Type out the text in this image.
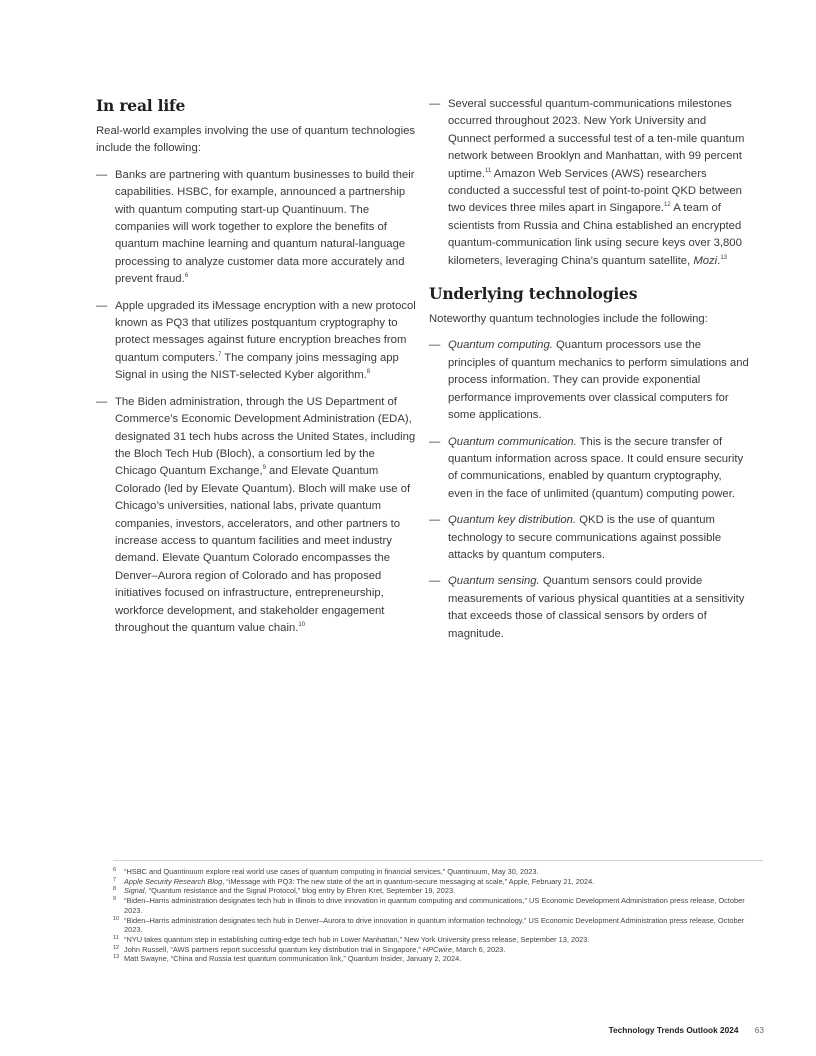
In real life

Real-world examples involving the use of quantum technologies include the following:

— Banks are partnering with quantum businesses to build their capabilities. HSBC, for example, announced a partnership with quantum computing start-up Quantinuum. The companies will work together to explore the benefits of quantum machine learning and quantum natural-language processing to analyze customer data more accurately and prevent fraud.$^6$
— Apple upgraded its iMessage encryption with a new protocol known as PQ3 that utilizes postquantum cryptography to protect messages against future encryption breaches from quantum computers.$^7$ The company joins messaging app Signal in using the NIST-selected Kyber algorithm.$^8$
— The Biden administration, through the US Department of Commerce’s Economic Development Administration (EDA), designated 31 tech hubs across the United States, including the Bloch Tech Hub (Bloch), a consortium led by the Chicago Quantum Exchange,$^9$ and Elevate Quantum Colorado (led by Elevate Quantum). Bloch will make use of Chicago’s universities, national labs, private quantum companies, investors, accelerators, and other partners to increase access to quantum facilities and meet industry demand. Elevate Quantum Colorado encompasses the Denver–Aurora region of Colorado and has proposed initiatives focused on infrastructure, entrepreneurship, workforce development, and stakeholder engagement throughout the quantum value chain.$^{10}$
— Several successful quantum-communications milestones occurred throughout 2023. New York University and Qunnect performed a successful test of a ten-mile quantum network between Brooklyn and Manhattan, with 99 percent uptime.$^{11}$ Amazon Web Services (AWS) researchers conducted a successful test of point-to-point QKD between two devices three miles apart in Singapore.$^{12}$ A team of scientists from Russia and China established an encrypted quantum-communication link using secure keys over 3,800 kilometers, leveraging China’s quantum satellite, Mozi.$^{13}$
Underlying technologies

Noteworthy quantum technologies include the following:

— Quantum computing. Quantum processors use the principles of quantum mechanics to perform simulations and process information. They can provide exponential performance improvements over classical computers for some applications.
— Quantum communication. This is the secure transfer of quantum information across space. It could ensure security of communications, enabled by quantum cryptography, even in the face of unlimited (quantum) computing power.
— Quantum key distribution. QKD is the use of quantum technology to secure communications against possible attacks by quantum computers.
— Quantum sensing. Quantum sensors could provide measurements of various physical quantities at a sensitivity that exceeds those of classical sensors by orders of magnitude.
6 “HSBC and Quantinuum explore real world use cases of quantum computing in financial services,” Quantinuum, May 30, 2023.
7 Apple Security Research Blog, “iMessage with PQ3: The new state of the art in quantum-secure messaging at scale,” Apple, February 21, 2024.
8 Signal, “Quantum resistance and the Signal Protocol,” blog entry by Ehren Kret, September 19, 2023.
9 “Biden–Harris administration designates tech hub in Illinois to drive innovation in quantum computing and communications,” US Economic Development Administration press release, October 2023.
10 “Biden–Harris administration designates tech hub in Denver–Aurora to drive innovation in quantum information technology,” US Economic Development Administration press release, October 2023.
11 “NYU takes quantum step in establishing cutting-edge tech hub in Lower Manhattan,” New York University press release, September 13, 2023.
12 John Russell, “AWS partners report successful quantum key distribution trial in Singapore,” HPCwire, March 6, 2023.
13 Matt Swayne, “China and Russia test quantum communication link,” Quantum Insider, January 2, 2024.
Technology Trends Outlook 2024 63
